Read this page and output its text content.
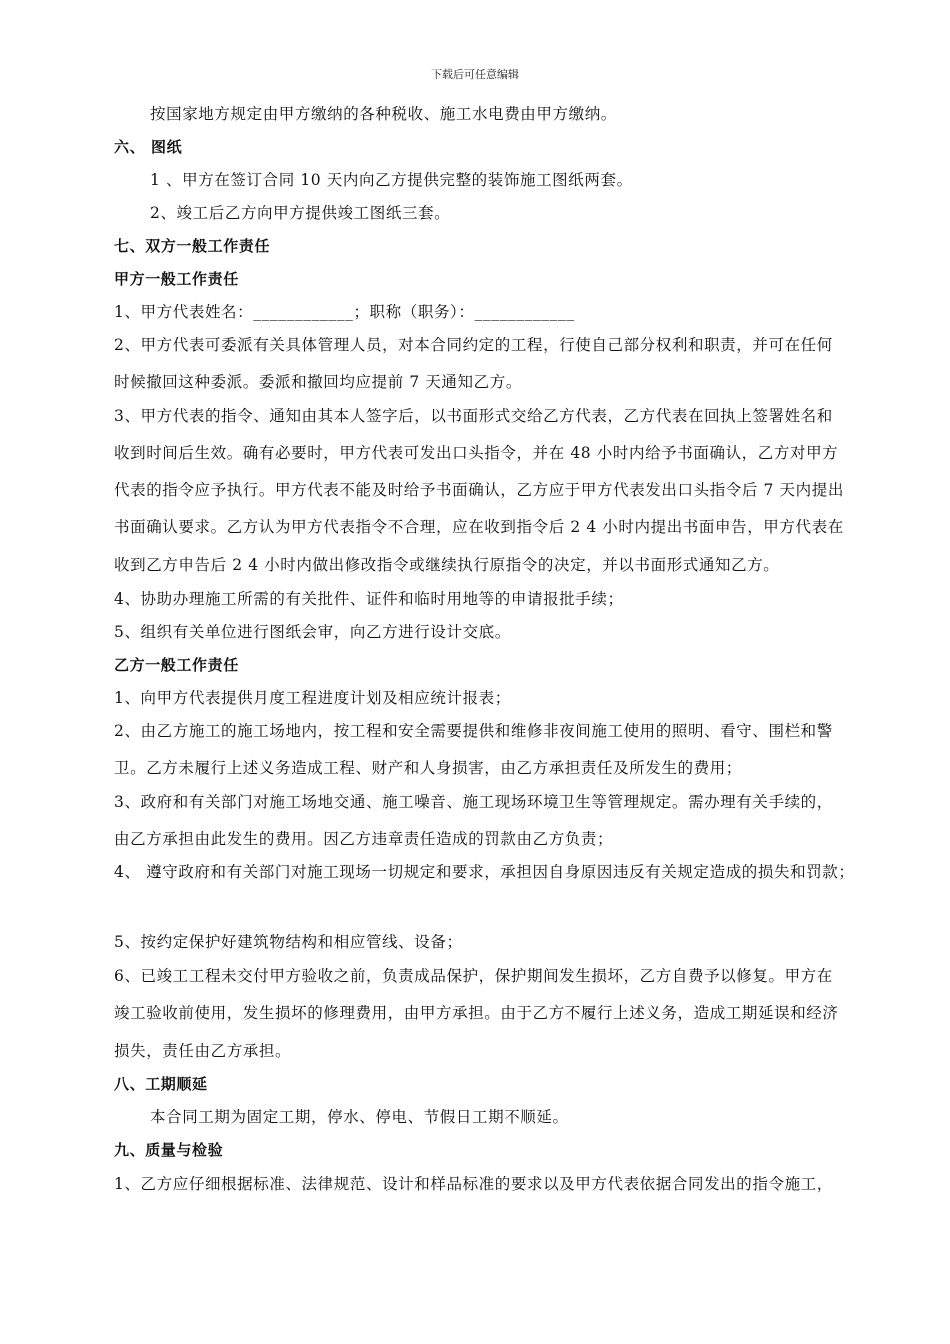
下载后可任意编辑
按国家地方规定由甲方缴纳的各种税收、施工水电费由甲方缴纳。
六、 图纸
1 、甲方在签订合同 10 天内向乙方提供完整的装饰施工图纸两套。
2、竣工后乙方向甲方提供竣工图纸三套。
七、双方一般工作责任
甲方一般工作责任
1、甲方代表姓名：____________；职称（职务）：____________
2、甲方代表可委派有关具体管理人员，对本合同约定的工程，行使自己部分权利和职责，并可在任何
时候撤回这种委派。委派和撤回均应提前 7 天通知乙方。
3、甲方代表的指令、通知由其本人签字后，以书面形式交给乙方代表，乙方代表在回执上签署姓名和
收到时间后生效。确有必要时，甲方代表可发出口头指令，并在 48 小时内给予书面确认，乙方对甲方
代表的指令应予执行。甲方代表不能及时给予书面确认，乙方应于甲方代表发出口头指令后 7 天内提出
书面确认要求。乙方认为甲方代表指令不合理，应在收到指令后 2 4 小时内提出书面申告，甲方代表在
收到乙方申告后 2 4 小时内做出修改指令或继续执行原指令的决定，并以书面形式通知乙方。
4、协助办理施工所需的有关批件、证件和临时用地等的申请报批手续；
5、组织有关单位进行图纸会审，向乙方进行设计交底。
乙方一般工作责任
1、向甲方代表提供月度工程进度计划及相应统计报表；
2、由乙方施工的施工场地内，按工程和安全需要提供和维修非夜间施工使用的照明、看守、围栏和警
卫。乙方未履行上述义务造成工程、财产和人身损害，由乙方承担责任及所发生的费用；
3、政府和有关部门对施工场地交通、施工噪音、施工现场环境卫生等管理规定。需办理有关手续的，
由乙方承担由此发生的费用。因乙方违章责任造成的罚款由乙方负责；
4、 遵守政府和有关部门对施工现场一切规定和要求，承担因自身原因违反有关规定造成的损失和罚款；
5、按约定保护好建筑物结构和相应管线、设备；
6、已竣工工程未交付甲方验收之前，负责成品保护，保护期间发生损坏，乙方自费予以修复。甲方在
竣工验收前使用，发生损坏的修理费用，由甲方承担。由于乙方不履行上述义务，造成工期延误和经济
损失，责任由乙方承担。
八、工期顺延
本合同工期为固定工期，停水、停电、节假日工期不顺延。
九、质量与检验
1、乙方应仔细根据标准、法律规范、设计和样品标准的要求以及甲方代表依据合同发出的指令施工，
